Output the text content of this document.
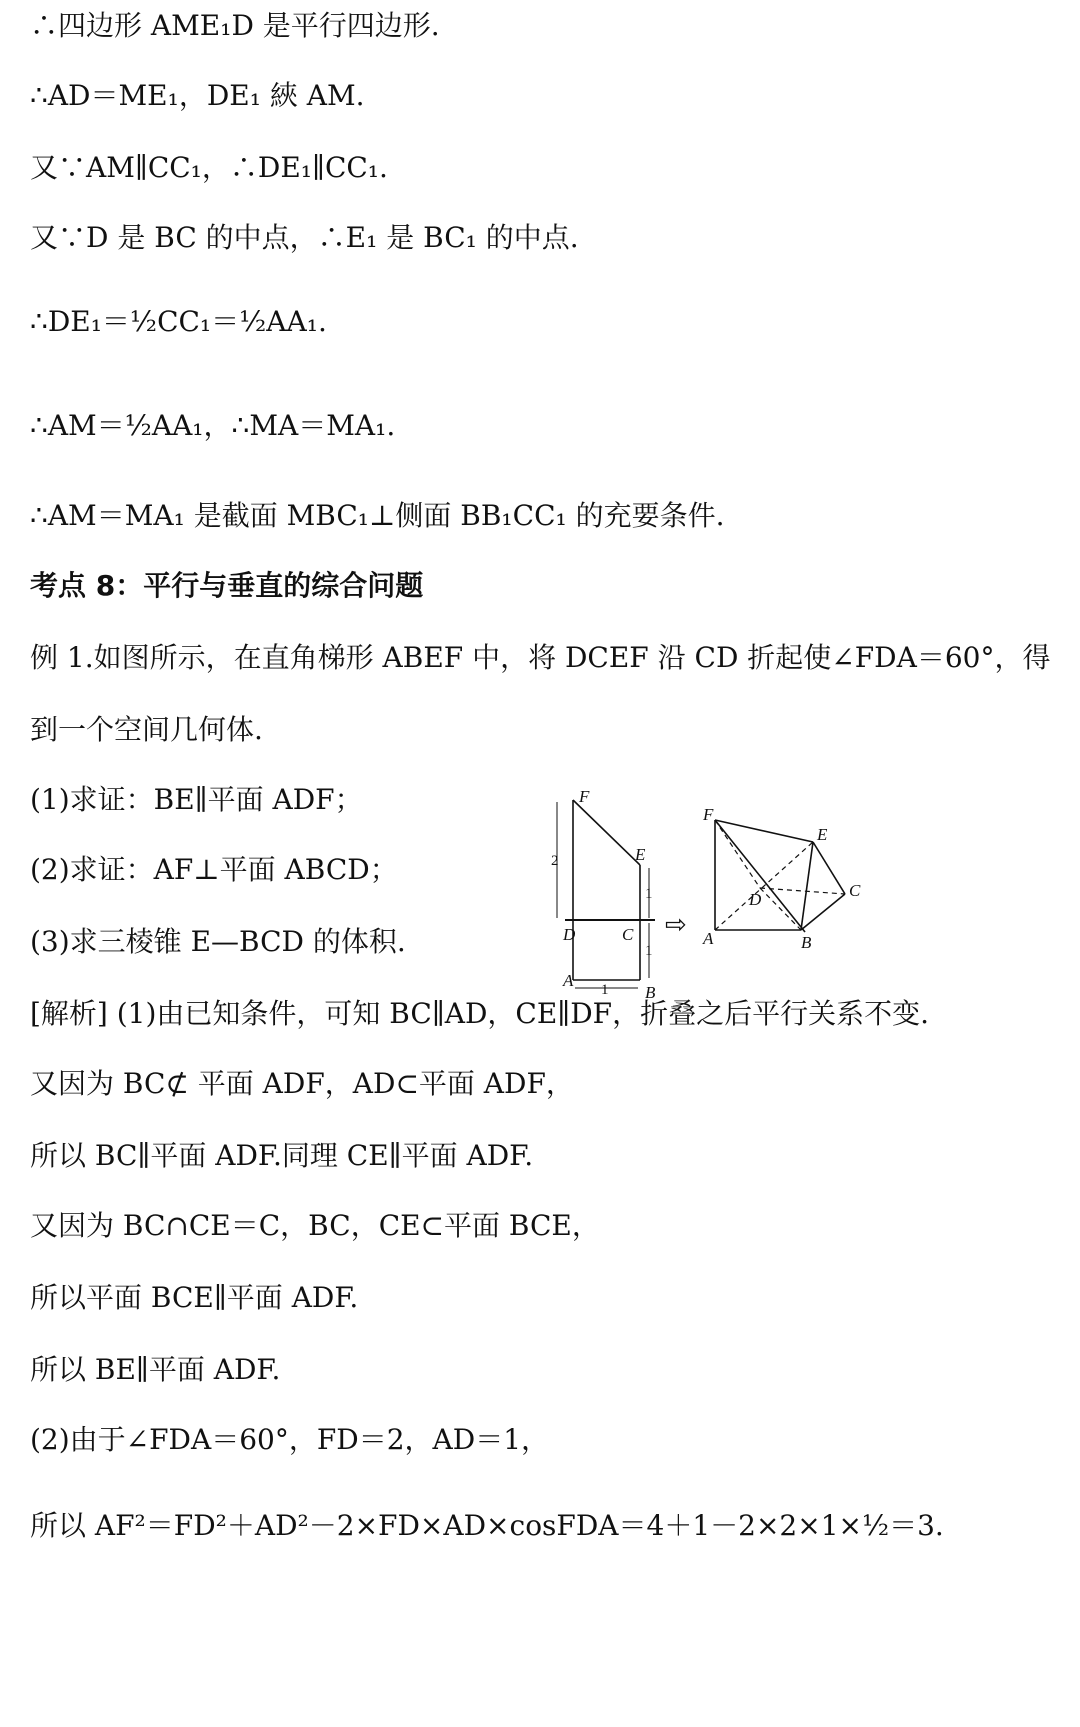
∴四边形 AME₁D 是平行四边形.
∴AD＝ME₁，DE₁ 綊 AM.
又∵AM∥CC₁，∴DE₁∥CC₁.
又∵D 是 BC 的中点，∴E₁ 是 BC₁ 的中点.
∴DE₁＝½CC₁＝½AA₁.
∴AM＝½AA₁，∴MA＝MA₁.
∴AM＝MA₁ 是截面 MBC₁⊥侧面 BB₁CC₁ 的充要条件.
考点 8：平行与垂直的综合问题
例 1.如图所示，在直角梯形 ABEF 中，将 DCEF 沿 CD 折起使∠FDA＝60°，得
到一个空间几何体.
(1)求证：BE∥平面 ADF；
(2)求证：AF⊥平面 ABCD；
(3)求三棱锥 E—BCD 的体积.
[解析] (1)由已知条件，可知 BC∥AD，CE∥DF，折叠之后平行关系不变.
又因为 BC⊄ 平面 ADF，AD⊂平面 ADF，
所以 BC∥平面 ADF.同理 CE∥平面 ADF.
又因为 BC∩CE＝C，BC，CE⊂平面 BCE，
所以平面 BCE∥平面 ADF.
所以 BE∥平面 ADF.
(2)由于∠FDA＝60°，FD＝2，AD＝1，
所以 AF²＝FD²＋AD²－2×FD×AD×cosFDA＝4＋1－2×2×1×½＝3.
F
E
D	C
A
B
2
1
1
1
⇨
F
E
D	C
A	B
